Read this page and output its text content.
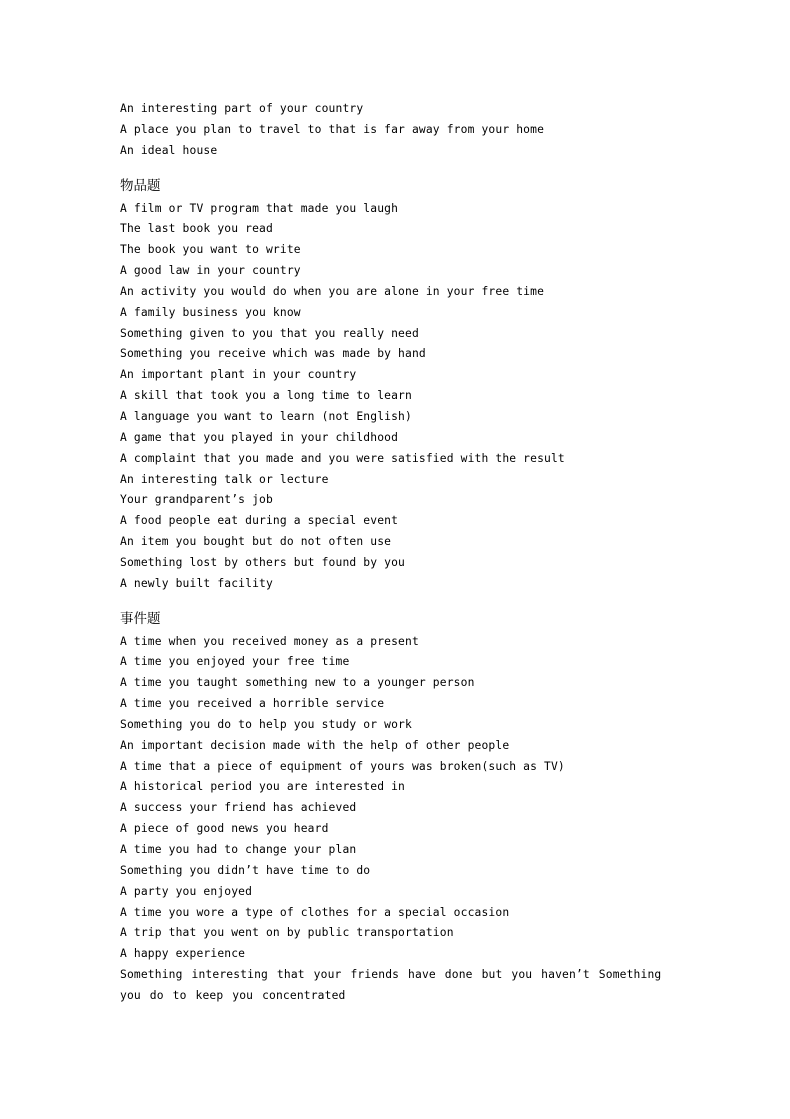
An interesting part of your country
A place you plan to travel to that is far away from your home
An ideal house
物品题
A film or TV program that made you laugh
The last book you read
The book you want to write
A good law in your country
An activity you would do when you are alone in your free time
A family business you know
Something given to you that you really need
Something you receive which was made by hand
An important plant in your country
A skill that took you a long time to learn
A language you want to learn (not English)
A game that you played in your childhood
A complaint that you made and you were satisfied with the result
An interesting talk or lecture
Your grandparent’s job
A food people eat during a special event
An item you bought but do not often use
Something lost by others but found by you
A newly built facility
事件题
A time when you received money as a present
A time you enjoyed your free time
A time you taught something new to a younger person
A time you received a horrible service
Something you do to help you study or work
An important decision made with the help of other people
A time that a piece of equipment of yours was broken(such as TV)
A historical period you are interested in
A success your friend has achieved
A piece of good news you heard
A time you had to change your plan
Something you didn’t have time to do
A party you enjoyed
A time you wore a type of clothes for a special occasion
A trip that you went on by public transportation
A happy experience
Something interesting that your friends have done but you haven’t Something you do to keep you concentrated
